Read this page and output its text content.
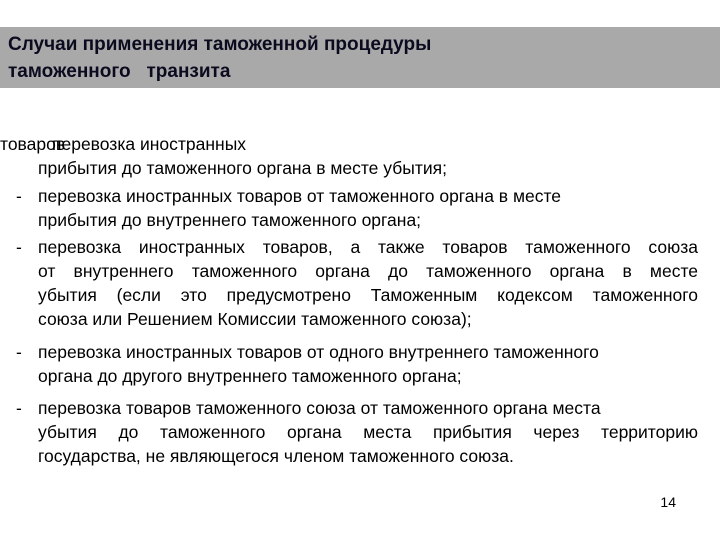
Случаи применения таможенной процедуры
таможенного   транзита
товаров
перевозка иностранных
прибытия до таможенного органа в месте убытия;
- перевозка иностранных товаров от таможенного органа в месте
прибытия до внутреннего таможенного органа;
- перевозка иностранных товаров, а также товаров таможенного союза
от внутреннего таможенного органа до таможенного органа в месте
убытия (если это предусмотрено Таможенным кодексом таможенного
союза или Решением Комиссии таможенного союза);
- перевозка иностранных товаров от одного внутреннего таможенного
органа до другого внутреннего таможенного органа;
- перевозка товаров таможенного союза от таможенного органа места
убытия до таможенного органа места прибытия через территорию
государства, не являющегося членом таможенного союза.
14
